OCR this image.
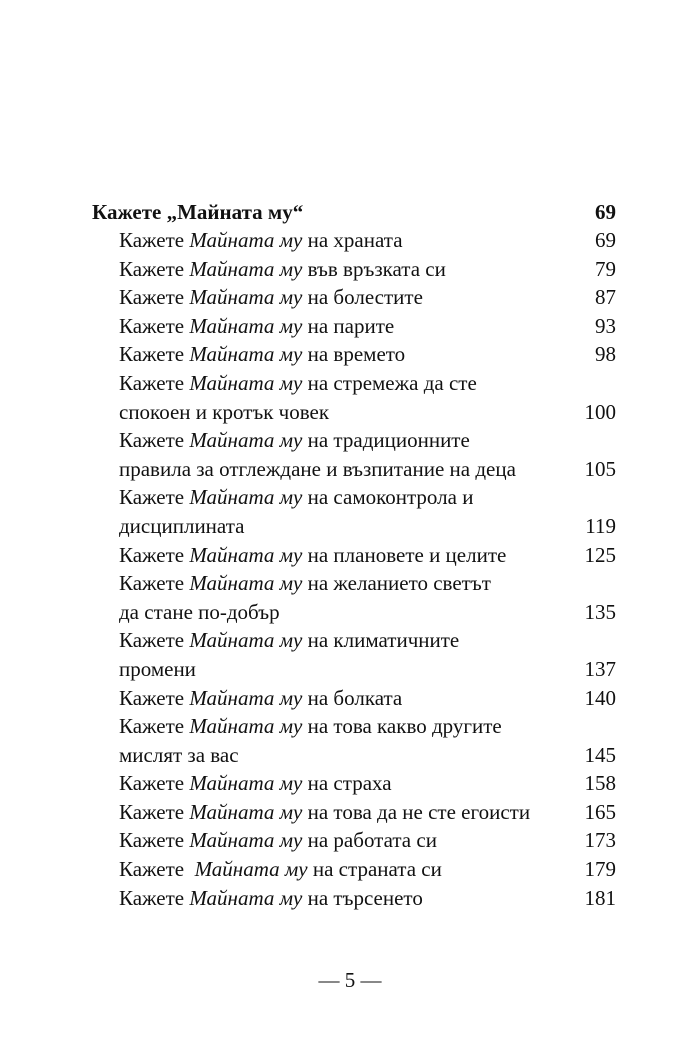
Кажете „Майната му“	69
Кажете Майната му на храната	69
Кажете Майната му във връзката си	79
Кажете Майната му на болестите	87
Кажете Майната му на парите	93
Кажете Майната му на времето	98
Кажете Майната му на стремежа да сте
спокоен и кротък човек	100
Кажете Майната му на традиционните
правила за отглеждане и възпитание на деца	105
Кажете Майната му на самоконтрола и
дисциплината	119
Кажете Майната му на плановете и целите	125
Кажете Майната му на желанието светът
да стане по-добър	135
Кажете Майната му на климатичните
промени	137
Кажете Майната му на болката	140
Кажете Майната му на това какво другите
мислят за вас	145
Кажете Майната му на страха	158
Кажете Майната му на това да не сте егоисти	165
Кажете Майната му на работата си	173
Кажете  Майната му на страната си	179
Кажете Майната му на търсенето	181
— 5 —
